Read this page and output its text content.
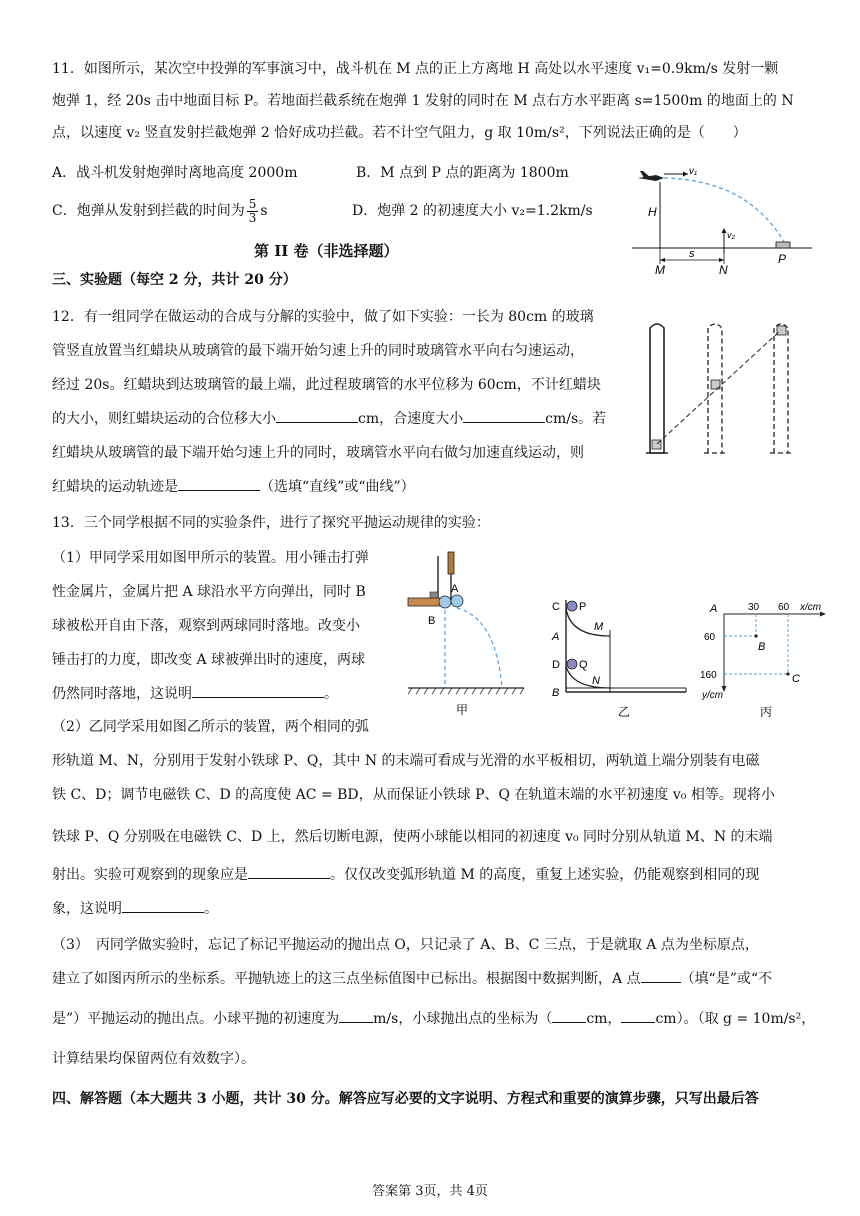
11．如图所示，某次空中投弹的军事演习中，战斗机在 M 点的正上方离地 H 高处以水平速度 v₁=0.9km/s 发射一颗
炮弹 1，经 20s 击中地面目标 P。若地面拦截系统在炮弹 1 发射的同时在 M 点右方水平距离 s=1500m 的地面上的 N
点，以速度 v₂ 竖直发射拦截炮弹 2 恰好成功拦截。若不计空气阻力，g 取 10m/s²，下列说法正确的是（　　）
A．战斗机发射炮弹时离地高度 2000m	B．M 点到 P 点的距离为 1800m
C．炮弹从发射到拦截的时间为 $\frac{5}{3}$ s	D．炮弹 2 的初速度大小 v₂=1.2km/s
v₁
H
v₂
s
M	N
P
第 II 卷（非选择题）
三、实验题（每空 2 分，共计 20 分）
12．有一组同学在做运动的合成与分解的实验中，做了如下实验：一长为 80cm 的玻璃
管竖直放置当红蜡块从玻璃管的最下端开始匀速上升的同时玻璃管水平向右匀速运动，
经过 20s。红蜡块到达玻璃管的最上端，此过程玻璃管的水平位移为 60cm，不计红蜡块
的大小，则红蜡块运动的合位移大小	cm，合速度大小	cm/s。若
红蜡块从玻璃管的最下端开始匀速上升的同时，玻璃管水平向右做匀加速直线运动，则
红蜡块的运动轨迹是	（选填“直线”或“曲线”）
13．三个同学根据不同的实验条件，进行了探究平抛运动规律的实验：
（1）甲同学采用如图甲所示的装置。用小锤击打弹
性金属片，金属片把 A 球沿水平方向弹出，同时 B
球被松开自由下落，观察到两球同时落地。改变小
锤击打的力度，即改变 A 球被弹出时的速度，两球
仍然同时落地，这说明	。
（2）乙同学采用如图乙所示的装置，两个相同的弧
A
B
甲
C P
M
A
D Q
N
B
乙
A	30 60 x/cm
60
160
y/cm
B
C
丙
形轨道 M、N，分别用于发射小铁球 P、Q，其中 N 的末端可看成与光滑的水平板相切，两轨道上端分别装有电磁
铁 C、D；调节电磁铁 C、D 的高度使 AC = BD，从而保证小铁球 P、Q 在轨道末端的水平初速度 v₀ 相等。现将小
铁球 P、Q 分别吸在电磁铁 C、D 上，然后切断电源，使两小球能以相同的初速度 v₀ 同时分别从轨道 M、N 的末端
射出。实验可观察到的现象应是	。仅仅改变弧形轨道 M 的高度，重复上述实验，仍能观察到相同的现
象，这说明	。
（3）　丙同学做实验时，忘记了标记平抛运动的抛出点 O，只记录了 A、B、C 三点，于是就取 A 点为坐标原点，
建立了如图丙所示的坐标系。平抛轨迹上的这三点坐标值图中已标出。根据图中数据判断，A 点	（填“是”或“不
是”）平抛运动的抛出点。小球平抛的初速度为 m/s，小球抛出点的坐标为（ cm， cm）。（取 g = 10m/s²，
计算结果均保留两位有效数字）。
四、解答题（本大题共 3 小题，共计 30 分。解答应写必要的文字说明、方程式和重要的演算步骤，只写出最后答
答案第 3页，共 4页
